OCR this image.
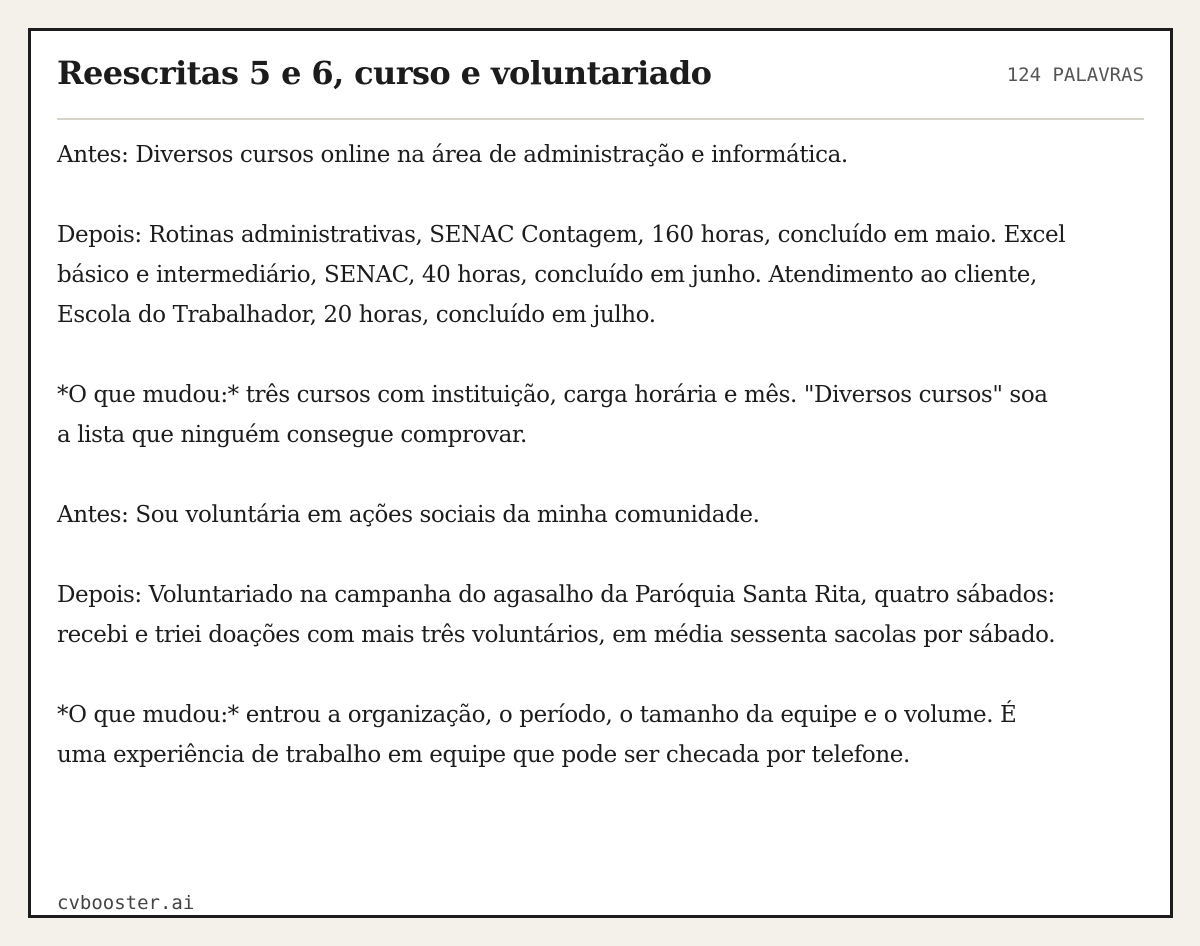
Reescritas 5 e 6, curso e voluntariado	124 PALAVRAS

Antes: Diversos cursos online na área de administração e informática.

Depois: Rotinas administrativas, SENAC Contagem, 160 horas, concluído em maio. Excel básico e intermediário, SENAC, 40 horas, concluído em junho. Atendimento ao cliente, Escola do Trabalhador, 20 horas, concluído em julho.

*O que mudou:* três cursos com instituição, carga horária e mês. "Diversos cursos" soa a lista que ninguém consegue comprovar.

Antes: Sou voluntária em ações sociais da minha comunidade.

Depois: Voluntariado na campanha do agasalho da Paróquia Santa Rita, quatro sábados: recebi e triei doações com mais três voluntários, em média sessenta sacolas por sábado.

*O que mudou:* entrou a organização, o período, o tamanho da equipe e o volume. É uma experiência de trabalho em equipe que pode ser checada por telefone.

cvbooster.ai
